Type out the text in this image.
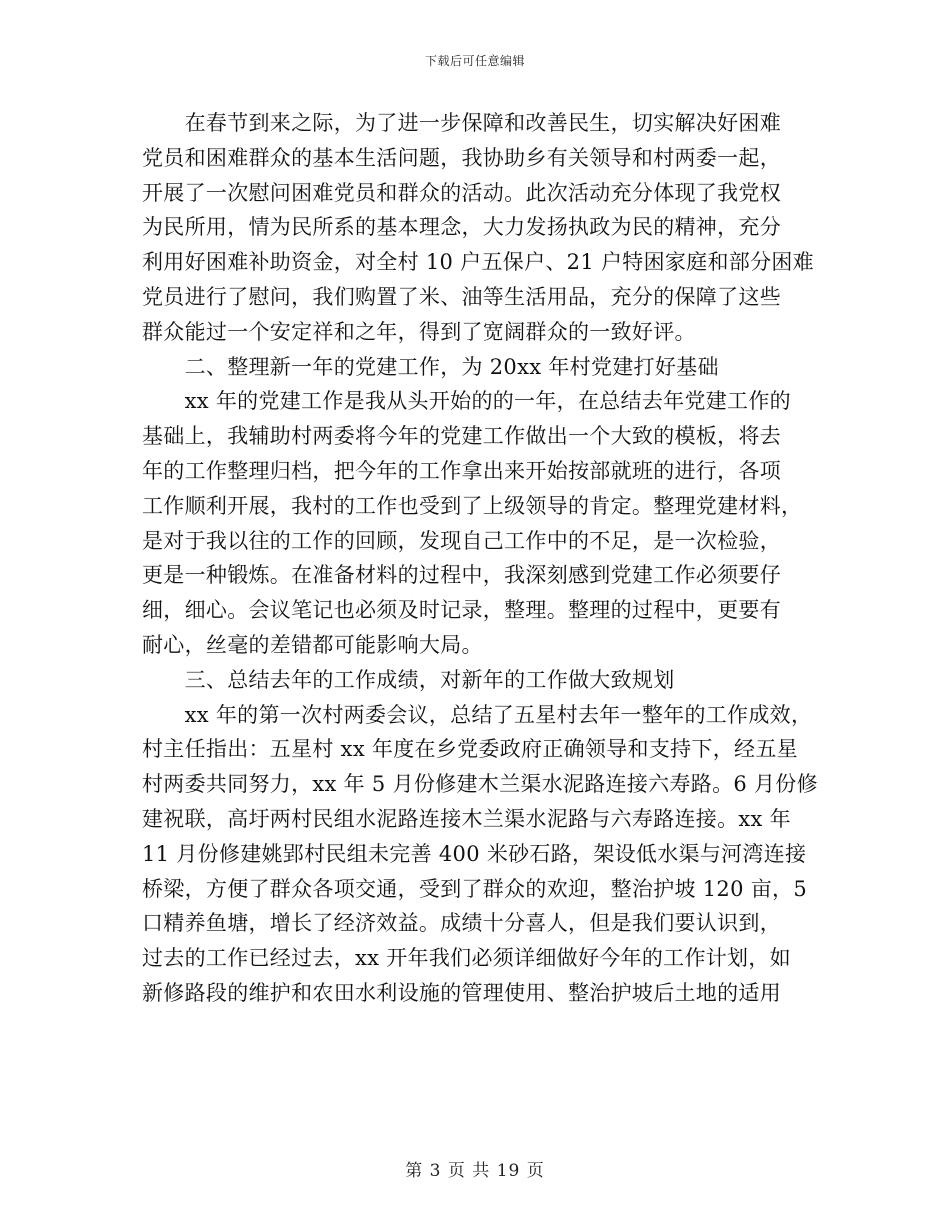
下载后可任意编辑
　　在春节到来之际，为了进一步保障和改善民生，切实解决好困难
党员和困难群众的基本生活问题，我协助乡有关领导和村两委一起，
开展了一次慰问困难党员和群众的活动。此次活动充分体现了我党权
为民所用，情为民所系的基本理念，大力发扬执政为民的精神，充分
利用好困难补助资金，对全村 10 户五保户、21 户特困家庭和部分困难
党员进行了慰问，我们购置了米、油等生活用品，充分的保障了这些
群众能过一个安定祥和之年，得到了宽阔群众的一致好评。
　　二、整理新一年的党建工作，为 20xx 年村党建打好基础
　　xx 年的党建工作是我从头开始的的一年，在总结去年党建工作的
基础上，我辅助村两委将今年的党建工作做出一个大致的模板，将去
年的工作整理归档，把今年的工作拿出来开始按部就班的进行，各项
工作顺利开展，我村的工作也受到了上级领导的肯定。整理党建材料，
是对于我以往的工作的回顾，发现自己工作中的不足，是一次检验，
更是一种锻炼。在准备材料的过程中，我深刻感到党建工作必须要仔
细，细心。会议笔记也必须及时记录，整理。整理的过程中，更要有
耐心，丝毫的差错都可能影响大局。
　　三、总结去年的工作成绩，对新年的工作做大致规划
　　xx 年的第一次村两委会议，总结了五星村去年一整年的工作成效，
村主任指出：五星村 xx 年度在乡党委政府正确领导和支持下，经五星
村两委共同努力，xx 年 5 月份修建木兰渠水泥路连接六寿路。6 月份修
建祝联，高圩两村民组水泥路连接木兰渠水泥路与六寿路连接。xx 年
11 月份修建姚郢村民组未完善 400 米砂石路，架设低水渠与河湾连接
桥梁，方便了群众各项交通，受到了群众的欢迎，整治护坡 120 亩，5
口精养鱼塘，增长了经济效益。成绩十分喜人，但是我们要认识到，
过去的工作已经过去，xx 开年我们必须详细做好今年的工作计划，如
新修路段的维护和农田水利设施的管理使用、整治护坡后土地的适用
第 3 页 共 19 页
